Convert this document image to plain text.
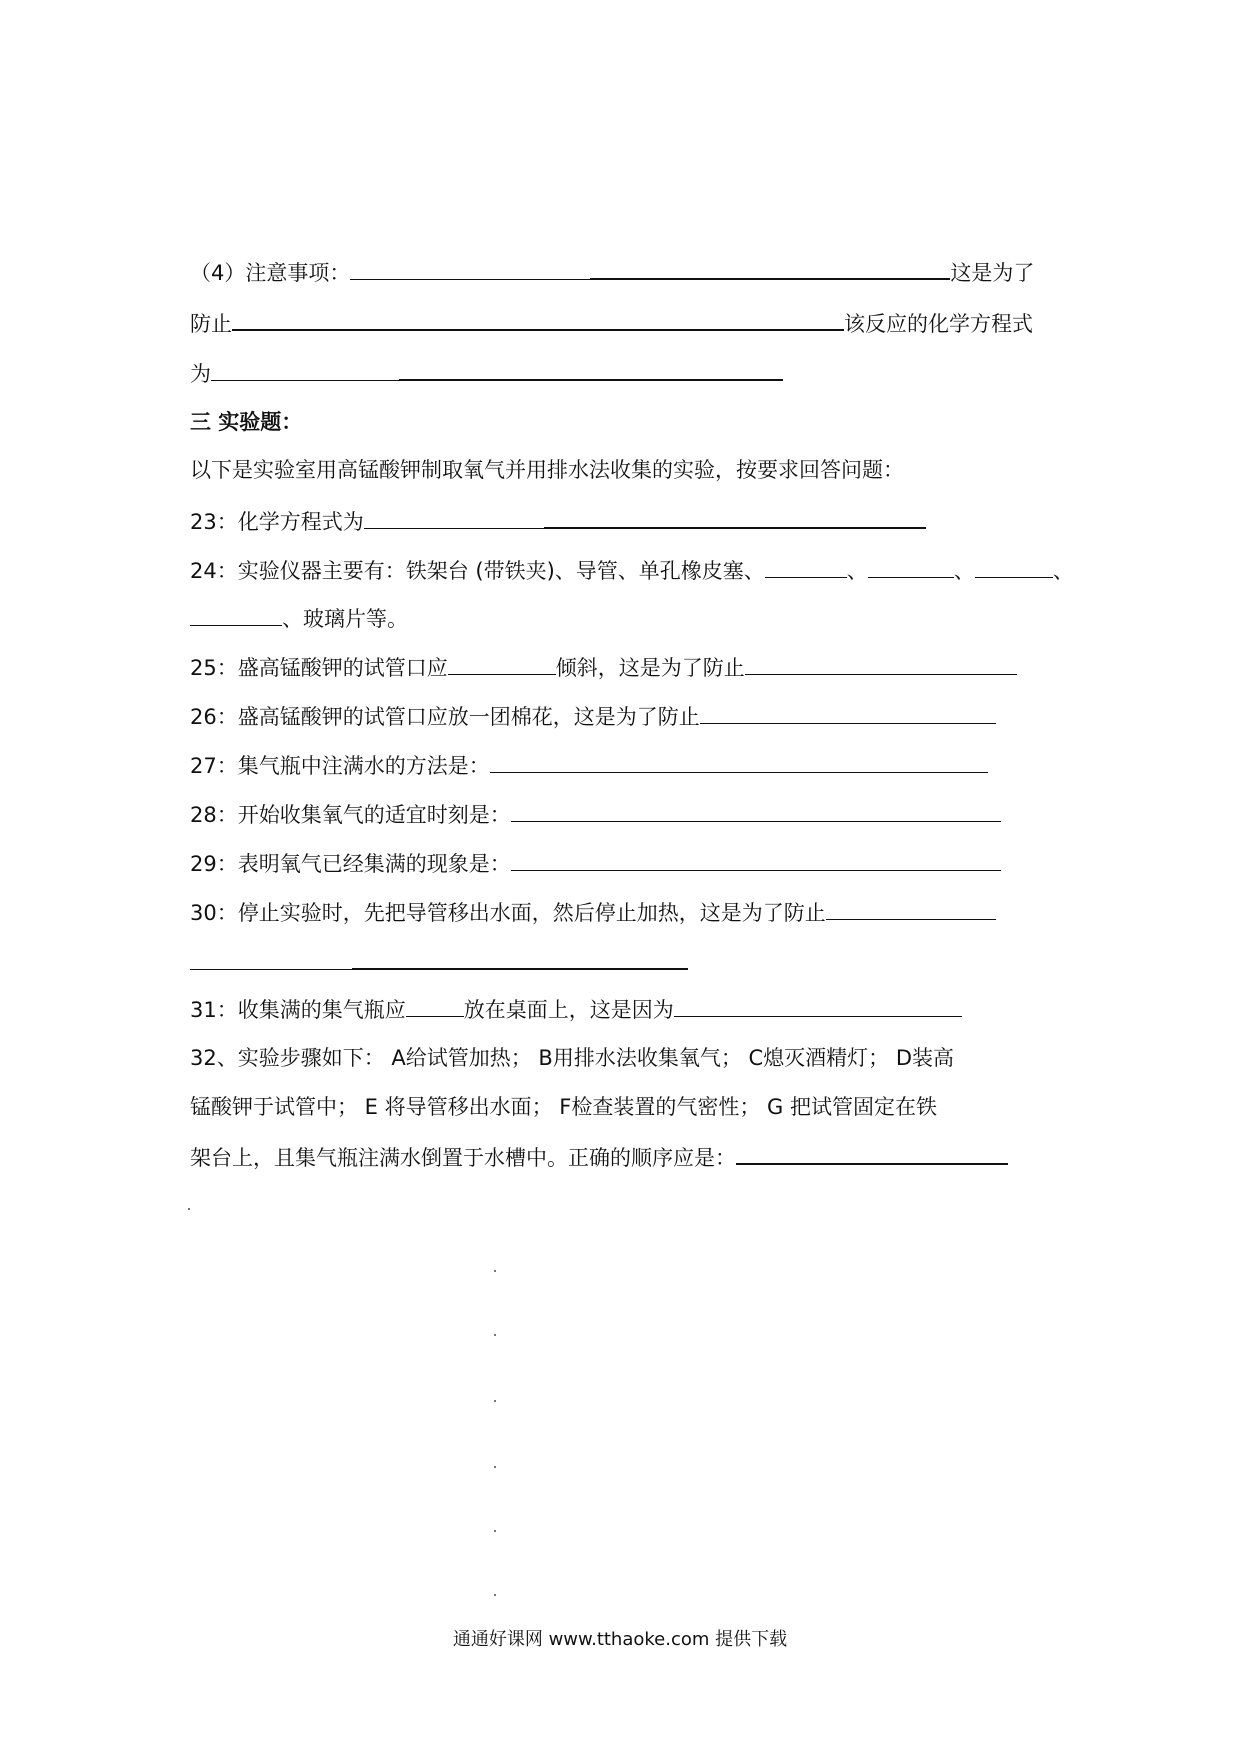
（4）注意事项：	这是为了
防止	该反应的化学方程式
为
三 实验题：
以下是实验室用高锰酸钾制取氧气并用排水法收集的实验，按要求回答问题：
23：化学方程式为
24：实验仪器主要有：铁架台 (带铁夹)、导管、单孔橡皮塞、	、	、	、
、玻璃片等。
25：盛高锰酸钾的试管口应	倾斜，这是为了防止
26：盛高锰酸钾的试管口应放一团棉花，这是为了防止
27：集气瓶中注满水的方法是：
28：开始收集氧气的适宜时刻是：
29：表明氧气已经集满的现象是：
30：停止实验时，先把导管移出水面，然后停止加热，这是为了防止
31：收集满的集气瓶应	放在桌面上，这是因为
32、实验步骤如下： A给试管加热； B用排水法收集氧气； C熄灭酒精灯； D装高
锰酸钾于试管中； E 将导管移出水面； F检查装置的气密性； G 把试管固定在铁
架台上，且集气瓶注满水倒置于水槽中。正确的顺序应是：
通通好课网 www.tthaoke.com 提供下载
